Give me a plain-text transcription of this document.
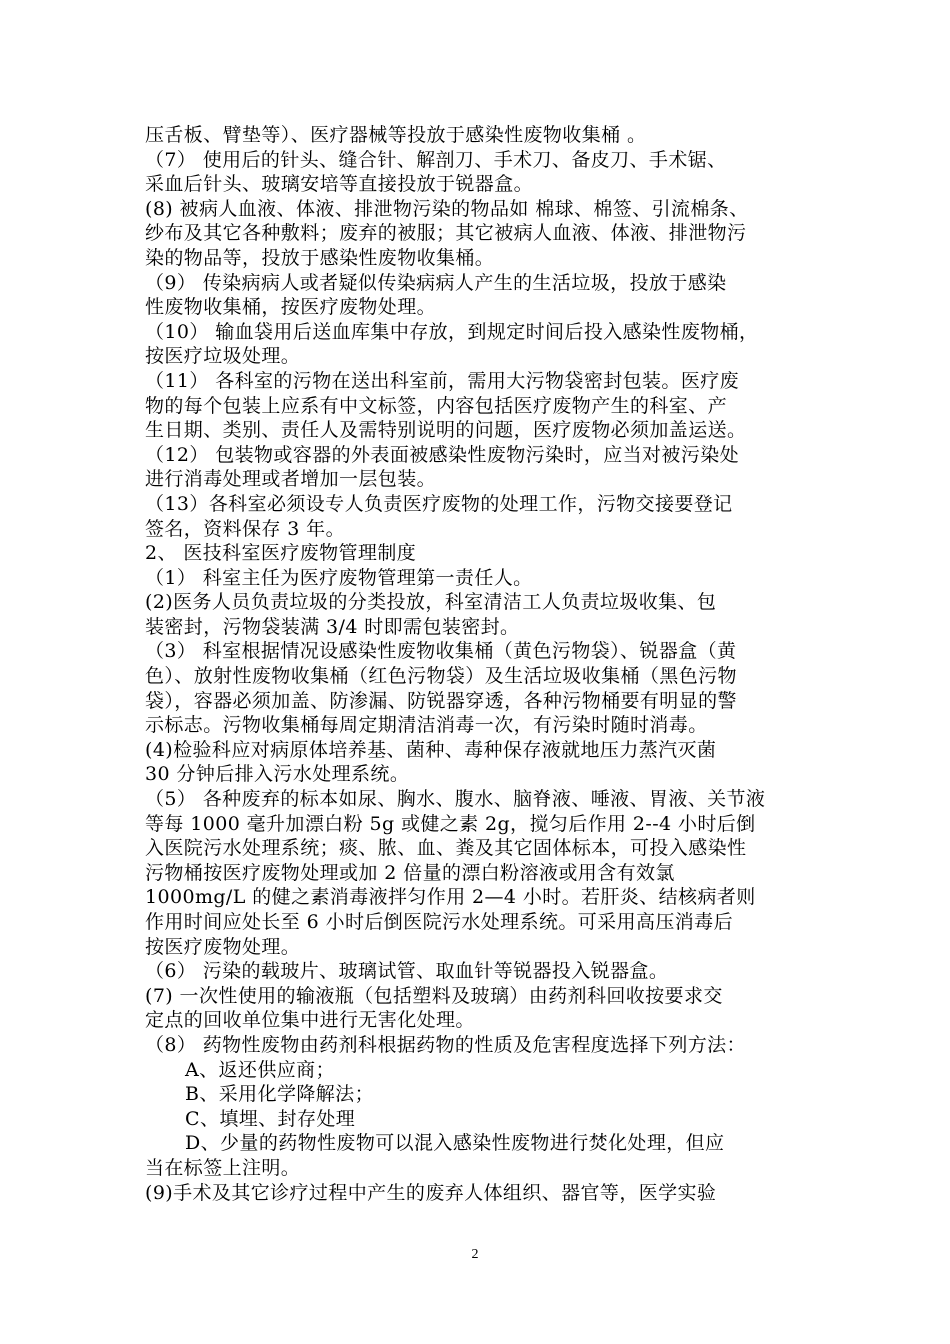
压舌板、臂垫等）、医疗器械等投放于感染性废物收集桶 。
（7） 使用后的针头、缝合针、解剖刀、手术刀、备皮刀、手术锯、
采血后针头、玻璃安培等直接投放于锐器盒。
(8) 被病人血液、体液、排泄物污染的物品如 棉球、棉签、引流棉条、
纱布及其它各种敷料；废弃的被服；其它被病人血液、体液、排泄物污
染的物品等，投放于感染性废物收集桶。
（9） 传染病病人或者疑似传染病病人产生的生活垃圾，投放于感染
性废物收集桶，按医疗废物处理。
（10） 输血袋用后送血库集中存放，到规定时间后投入感染性废物桶，
按医疗垃圾处理。
（11） 各科室的污物在送出科室前，需用大污物袋密封包装。医疗废
物的每个包装上应系有中文标签，内容包括医疗废物产生的科室、产
生日期、类别、责任人及需特别说明的问题，医疗废物必须加盖运送。
（12） 包装物或容器的外表面被感染性废物污染时，应当对被污染处
进行消毒处理或者增加一层包装。
（13）各科室必须设专人负责医疗废物的处理工作，污物交接要登记
签名，资料保存 3 年。
2、 医技科室医疗废物管理制度
（1） 科室主任为医疗废物管理第一责任人。
(2)医务人员负责垃圾的分类投放，科室清洁工人负责垃圾收集、包
装密封，污物袋装满 3/4 时即需包装密封。
（3） 科室根据情况设感染性废物收集桶（黄色污物袋）、锐器盒（黄
色）、放射性废物收集桶（红色污物袋）及生活垃圾收集桶（黑色污物
袋），容器必须加盖、防渗漏、防锐器穿透，各种污物桶要有明显的警
示标志。污物收集桶每周定期清洁消毒一次，有污染时随时消毒。
(4)检验科应对病原体培养基、菌种、毒种保存液就地压力蒸汽灭菌
30 分钟后排入污水处理系统。
（5） 各种废弃的标本如尿、胸水、腹水、脑脊液、唾液、胃液、关节液
等每 1000 毫升加漂白粉 5g 或健之素 2g，搅匀后作用 2--4 小时后倒
入医院污水处理系统；痰、脓、血、粪及其它固体标本，可投入感染性
污物桶按医疗废物处理或加 2 倍量的漂白粉溶液或用含有效氯
1000mg/L 的健之素消毒液拌匀作用 2—4 小时。若肝炎、结核病者则
作用时间应处长至 6 小时后倒医院污水处理系统。可采用高压消毒后
按医疗废物处理。
（6） 污染的载玻片、玻璃试管、取血针等锐器投入锐器盒。
(7) 一次性使用的输液瓶（包括塑料及玻璃）由药剂科回收按要求交
定点的回收单位集中进行无害化处理。
（8） 药物性废物由药剂科根据药物的性质及危害程度选择下列方法：
A、返还供应商；
B、采用化学降解法；
C、填埋、封存处理
D、少量的药物性废物可以混入感染性废物进行焚化处理，但应
当在标签上注明。
(9)手术及其它诊疗过程中产生的废弃人体组织、器官等，医学实验
2
